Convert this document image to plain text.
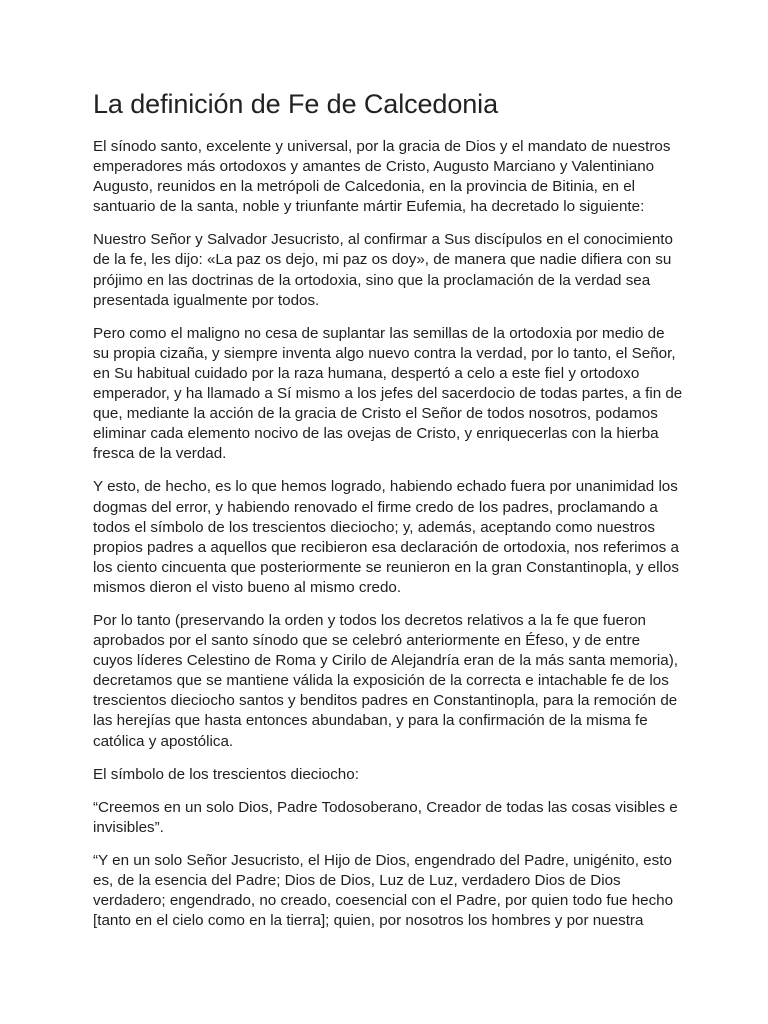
La definición de Fe de Calcedonia

El sínodo santo, excelente y universal, por la gracia de Dios y el mandato de nuestros emperadores más ortodoxos y amantes de Cristo, Augusto Marciano y Valentiniano Augusto, reunidos en la metrópoli de Calcedonia, en la provincia de Bitinia, en el santuario de la santa, noble y triunfante mártir Eufemia, ha decretado lo siguiente:

Nuestro Señor y Salvador Jesucristo, al confirmar a Sus discípulos en el conocimiento de la fe, les dijo: «La paz os dejo, mi paz os doy», de manera que nadie difiera con su prójimo en las doctrinas de la ortodoxia, sino que la proclamación de la verdad sea presentada igualmente por todos.

Pero como el maligno no cesa de suplantar las semillas de la ortodoxia por medio de su propia cizaña, y siempre inventa algo nuevo contra la verdad, por lo tanto, el Señor, en Su habitual cuidado por la raza humana, despertó a celo a este fiel y ortodoxo emperador, y ha llamado a Sí mismo a los jefes del sacerdocio de todas partes, a fin de que, mediante la acción de la gracia de Cristo el Señor de todos nosotros, podamos eliminar cada elemento nocivo de las ovejas de Cristo, y enriquecerlas con la hierba fresca de la verdad.

Y esto, de hecho, es lo que hemos logrado, habiendo echado fuera por unanimidad los dogmas del error, y habiendo renovado el firme credo de los padres, proclamando a todos el símbolo de los trescientos dieciocho; y, además, aceptando como nuestros propios padres a aquellos que recibieron esa declaración de ortodoxia, nos referimos a los ciento cincuenta que posteriormente se reunieron en la gran Constantinopla, y ellos mismos dieron el visto bueno al mismo credo.

Por lo tanto (preservando la orden y todos los decretos relativos a la fe que fueron aprobados por el santo sínodo que se celebró anteriormente en Éfeso, y de entre cuyos líderes Celestino de Roma y Cirilo de Alejandría eran de la más santa memoria), decretamos que se mantiene válida la exposición de la correcta e intachable fe de los trescientos dieciocho santos y benditos padres en Constantinopla, para la remoción de las herejías que hasta entonces abundaban, y para la confirmación de la misma fe católica y apostólica.

El símbolo de los trescientos dieciocho:

“Creemos en un solo Dios, Padre Todosoberano, Creador de todas las cosas visibles e invisibles”.

“Y en un solo Señor Jesucristo, el Hijo de Dios, engendrado del Padre, unigénito, esto es, de la esencia del Padre; Dios de Dios, Luz de Luz, verdadero Dios de Dios verdadero; engendrado, no creado, coesencial con el Padre, por quien todo fue hecho [tanto en el cielo como en la tierra]; quien, por nosotros los hombres y por nuestra
